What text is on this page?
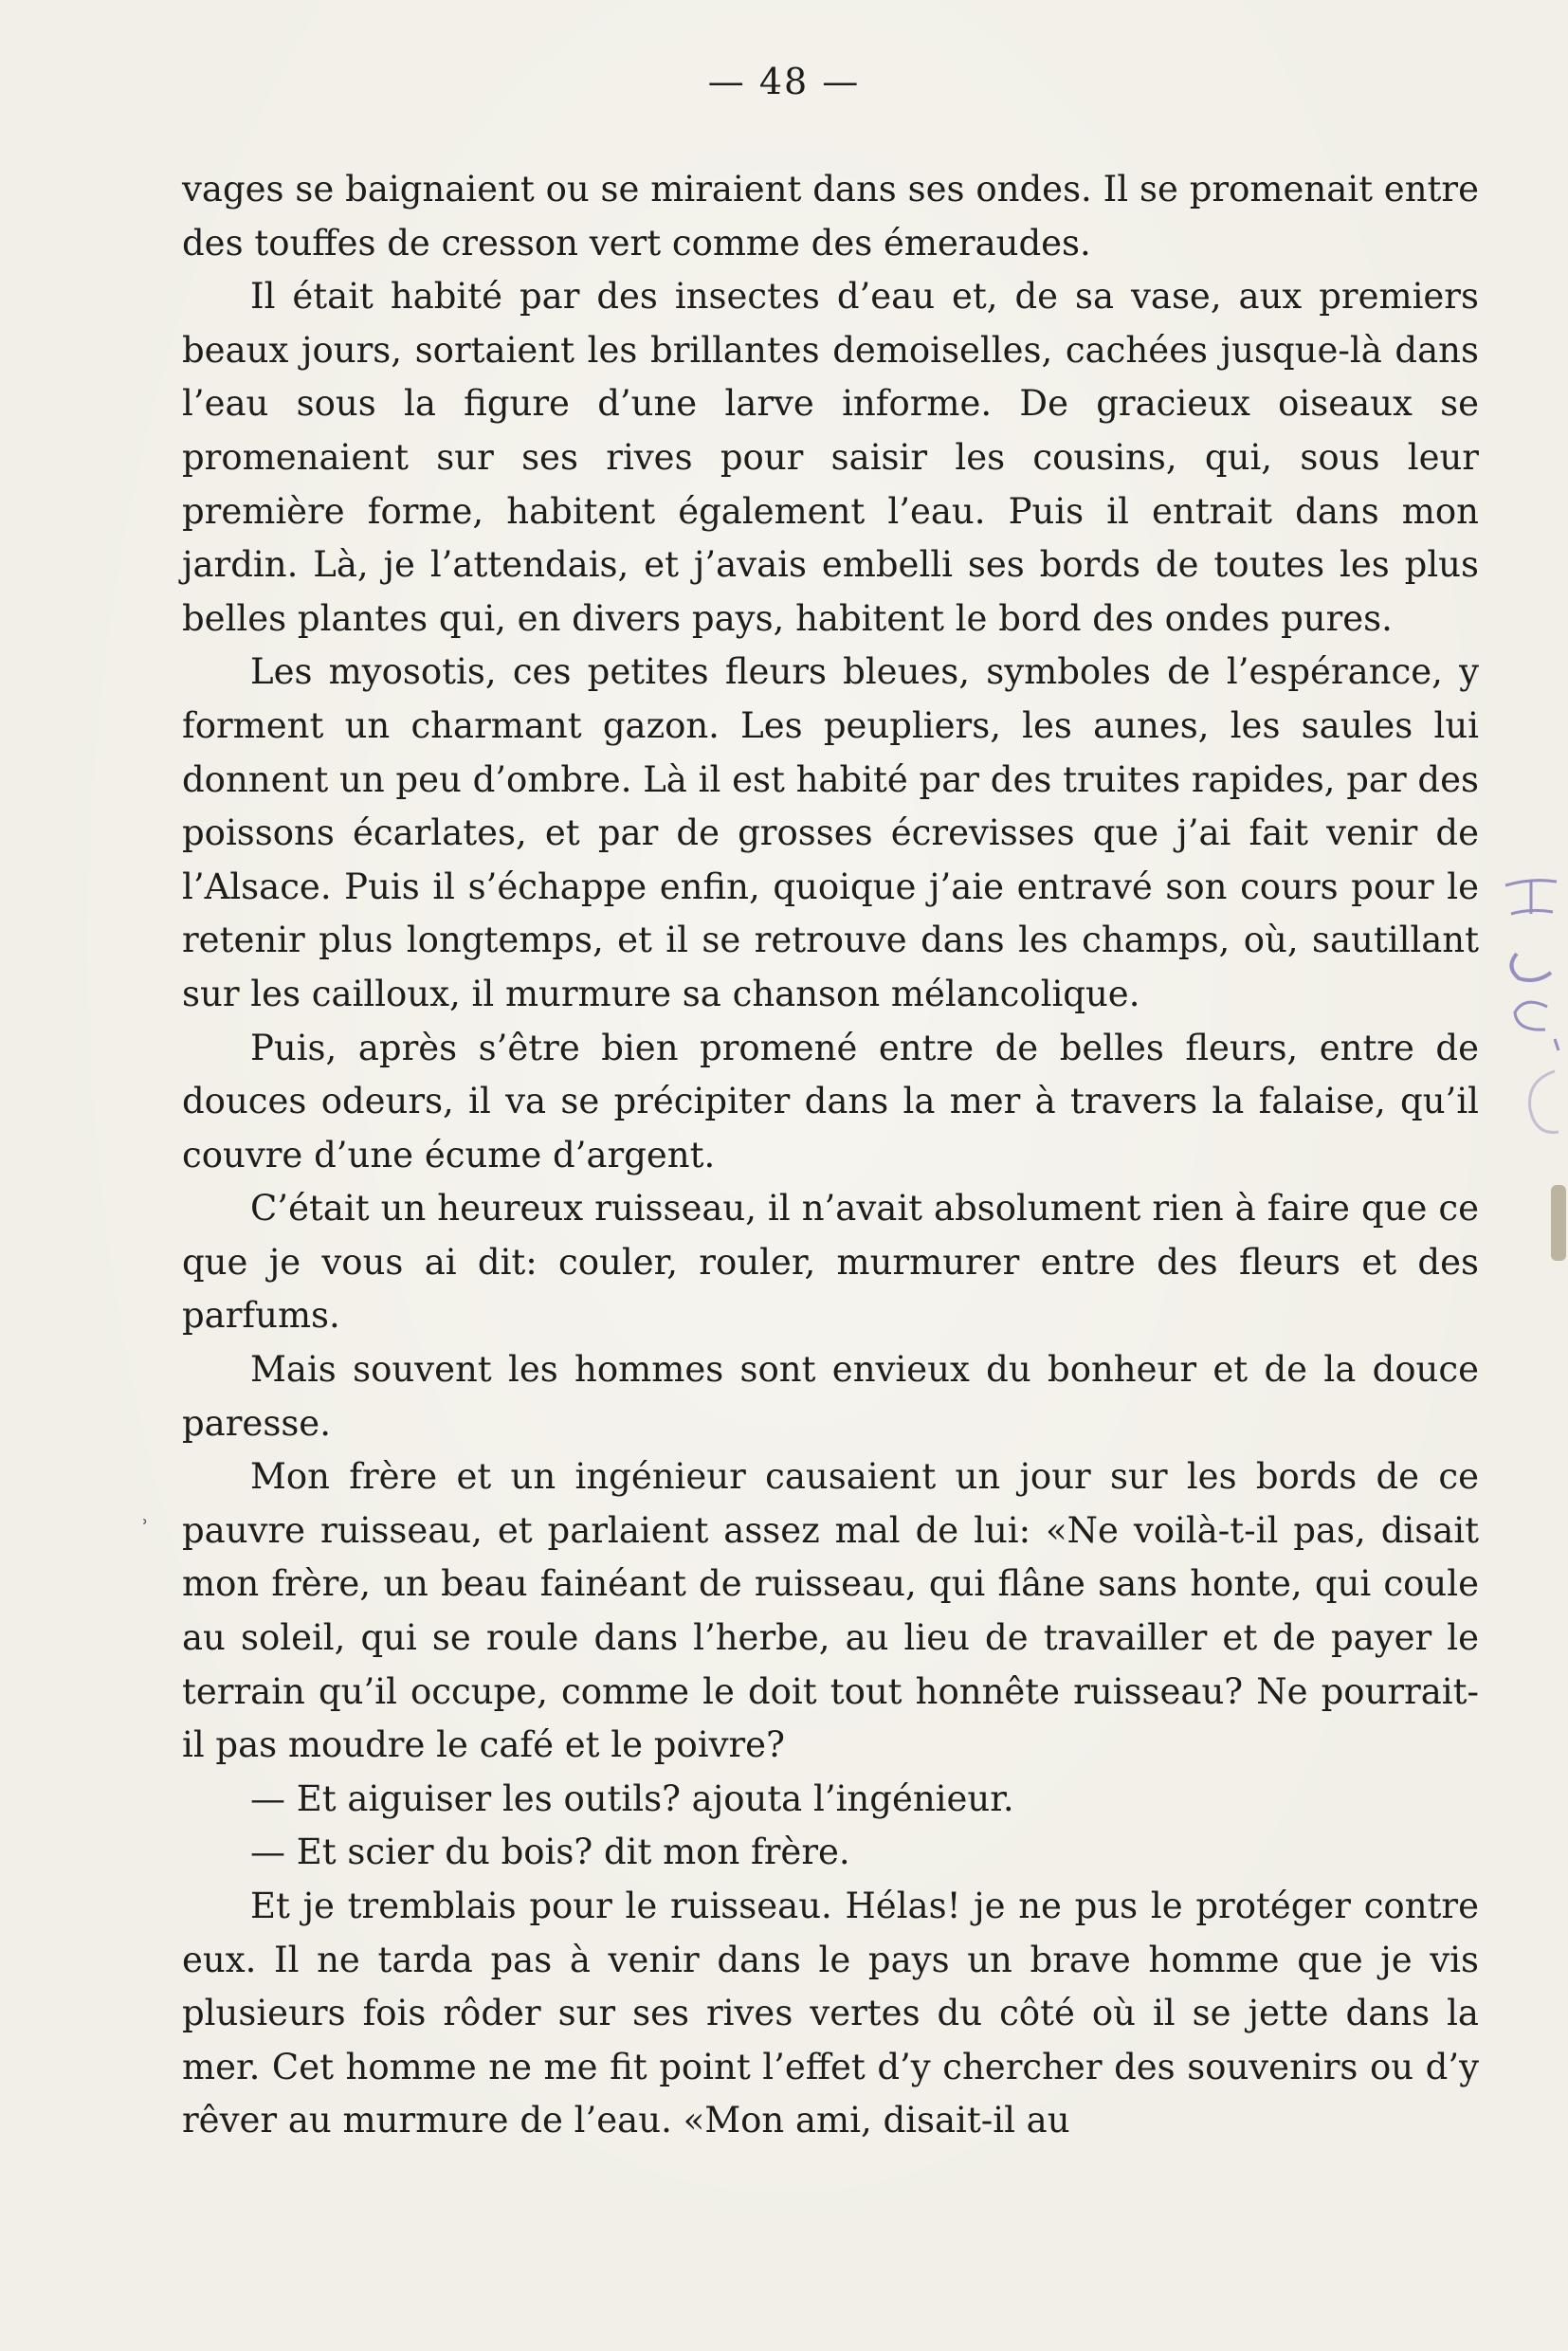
— 48 —

vages se baignaient ou se miraient dans ses ondes. Il se promenait entre des touffes de cresson vert comme des émeraudes.

Il était habité par des insectes d’eau et, de sa vase, aux premiers beaux jours, sortaient les brillantes demoiselles, cachées jusque-là dans l’eau sous la figure d’une larve informe. De gracieux oiseaux se promenaient sur ses rives pour saisir les cousins, qui, sous leur première forme, habitent également l’eau. Puis il entrait dans mon jardin. Là, je l’attendais, et j’avais embelli ses bords de toutes les plus belles plantes qui, en divers pays, habitent le bord des ondes pures.

Les myosotis, ces petites fleurs bleues, symboles de l’espérance, y forment un charmant gazon. Les peupliers, les aunes, les saules lui donnent un peu d’ombre. Là il est habité par des truites rapides, par des poissons écarlates, et par de grosses écrevisses que j’ai fait venir de l’Alsace. Puis il s’échappe enfin, quoique j’aie entravé son cours pour le retenir plus longtemps, et il se retrouve dans les champs, où, sautillant sur les cailloux, il murmure sa chanson mélancolique.

Puis, après s’être bien promené entre de belles fleurs, entre de douces odeurs, il va se précipiter dans la mer à travers la falaise, qu’il couvre d’une écume d’argent.

C’était un heureux ruisseau, il n’avait absolument rien à faire que ce que je vous ai dit: couler, rouler, murmurer entre des fleurs et des parfums.

Mais souvent les hommes sont envieux du bonheur et de la douce paresse.

Mon frère et un ingénieur causaient un jour sur les bords de ce pauvre ruisseau, et parlaient assez mal de lui: «Ne voilà-t-il pas, disait mon frère, un beau fainéant de ruisseau, qui flâne sans honte, qui coule au soleil, qui se roule dans l’herbe, au lieu de travailler et de payer le terrain qu’il occupe, comme le doit tout honnête ruisseau? Ne pourrait-il pas moudre le café et le poivre?

— Et aiguiser les outils? ajouta l’ingénieur.

— Et scier du bois? dit mon frère.

Et je tremblais pour le ruisseau. Hélas! je ne pus le protéger contre eux. Il ne tarda pas à venir dans le pays un brave homme que je vis plusieurs fois rôder sur ses rives vertes du côté où il se jette dans la mer. Cet homme ne me fit point l’effet d’y chercher des souvenirs ou d’y rêver au murmure de l’eau. «Mon ami, disait-il au

ʾ
